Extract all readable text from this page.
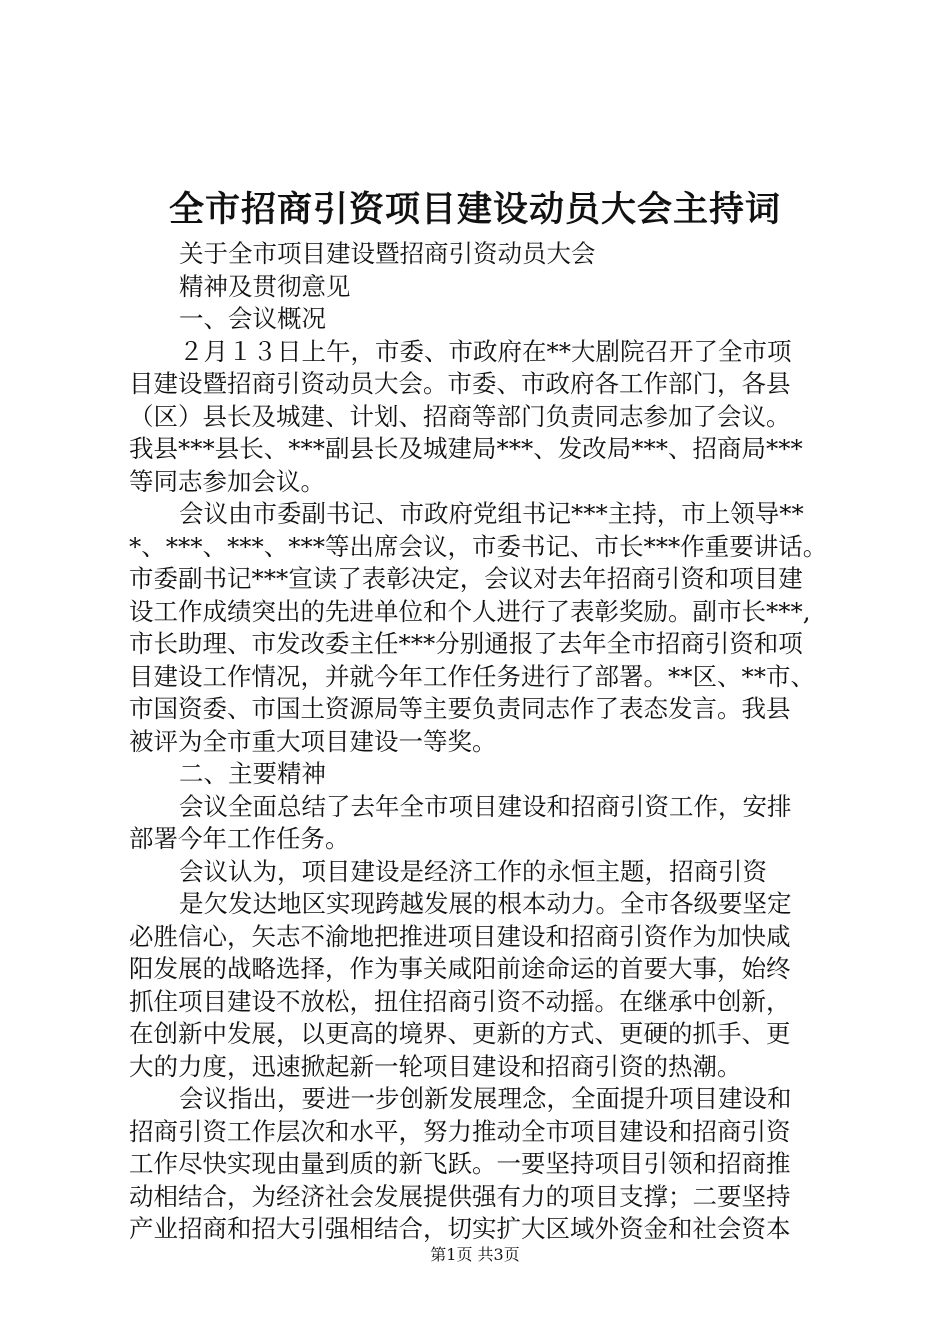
全市招商引资项目建设动员大会主持词
关于全市项目建设暨招商引资动员大会
精神及贯彻意见
一、会议概况
２月１３日上午，市委、市政府在**大剧院召开了全市项
目建设暨招商引资动员大会。市委、市政府各工作部门，各县
（区）县长及城建、计划、招商等部门负责同志参加了会议。
我县***县长、***副县长及城建局***、发改局***、招商局***
等同志参加会议。
会议由市委副书记、市政府党组书记***主持，市上领导**
*、***、***、***等出席会议，市委书记、市长***作重要讲话。
市委副书记***宣读了表彰决定，会议对去年招商引资和项目建
设工作成绩突出的先进单位和个人进行了表彰奖励。副市长***,
市长助理、市发改委主任***分别通报了去年全市招商引资和项
目建设工作情况，并就今年工作任务进行了部署。**区、**市、
市国资委、市国土资源局等主要负责同志作了表态发言。我县
被评为全市重大项目建设一等奖。
二、主要精神
会议全面总结了去年全市项目建设和招商引资工作，安排
部署今年工作任务。
会议认为，项目建设是经济工作的永恒主题，招商引资
是欠发达地区实现跨越发展的根本动力。全市各级要坚定
必胜信心，矢志不渝地把推进项目建设和招商引资作为加快咸
阳发展的战略选择，作为事关咸阳前途命运的首要大事，始终
抓住项目建设不放松，扭住招商引资不动摇。在继承中创新，
在创新中发展，以更高的境界、更新的方式、更硬的抓手、更
大的力度，迅速掀起新一轮项目建设和招商引资的热潮。
会议指出，要进一步创新发展理念，全面提升项目建设和
招商引资工作层次和水平，努力推动全市项目建设和招商引资
工作尽快实现由量到质的新飞跃。一要坚持项目引领和招商推
动相结合，为经济社会发展提供强有力的项目支撑；二要坚持
产业招商和招大引强相结合，切实扩大区域外资金和社会资本
第1页 共3页
